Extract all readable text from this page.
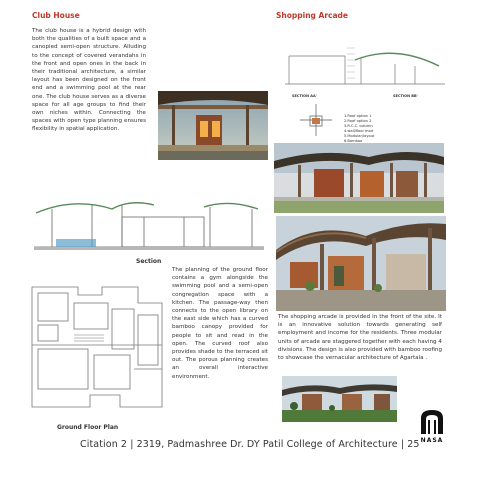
Club House
The club house is a hybrid design with both the qualities of a built space and a canopied semi-open structure. Alluding to the concept of covered verandahs in the front and open ones in the back in their traditional architecture, a similar layout has been designed on the front end and a swimming pool at the rear one. The club house serves as a diverse space for all age groups to find their own niches within. Connecting the spaces with open type planning ensures flexibility in spatial application.
Section
Ground Floor Plan
The planning of the ground floor contains a gym alongside the swimming pool and a semi-open congregation space with a kitchen. The passage-way then connects to the open library on the east side which has a curved bamboo canopy provided for people to sit and read in the open. The curved roof also provides shade to the terraced sit out. The porous planning creates an overall interactive environment.
Shopping Arcade
SECTION AA'	SECTION BB'
1.Roof option 1
2.Roof option 2
3.R.C.C. column
4.wall/floor mod
5.Modular/layout
6.Bamboo
The shopping arcade is provided in the front of the site. It is an innovative solution towards generating self employment and income for the residents. Three modular units of arcade are staggered together with each having 4 divisions. The design is also provided with bamboo roofing to showcase the vernacular architecture of Agartala .
NASA
Citation 2 | 2319, Padmashree Dr. DY Patil College of Architecture | 25
